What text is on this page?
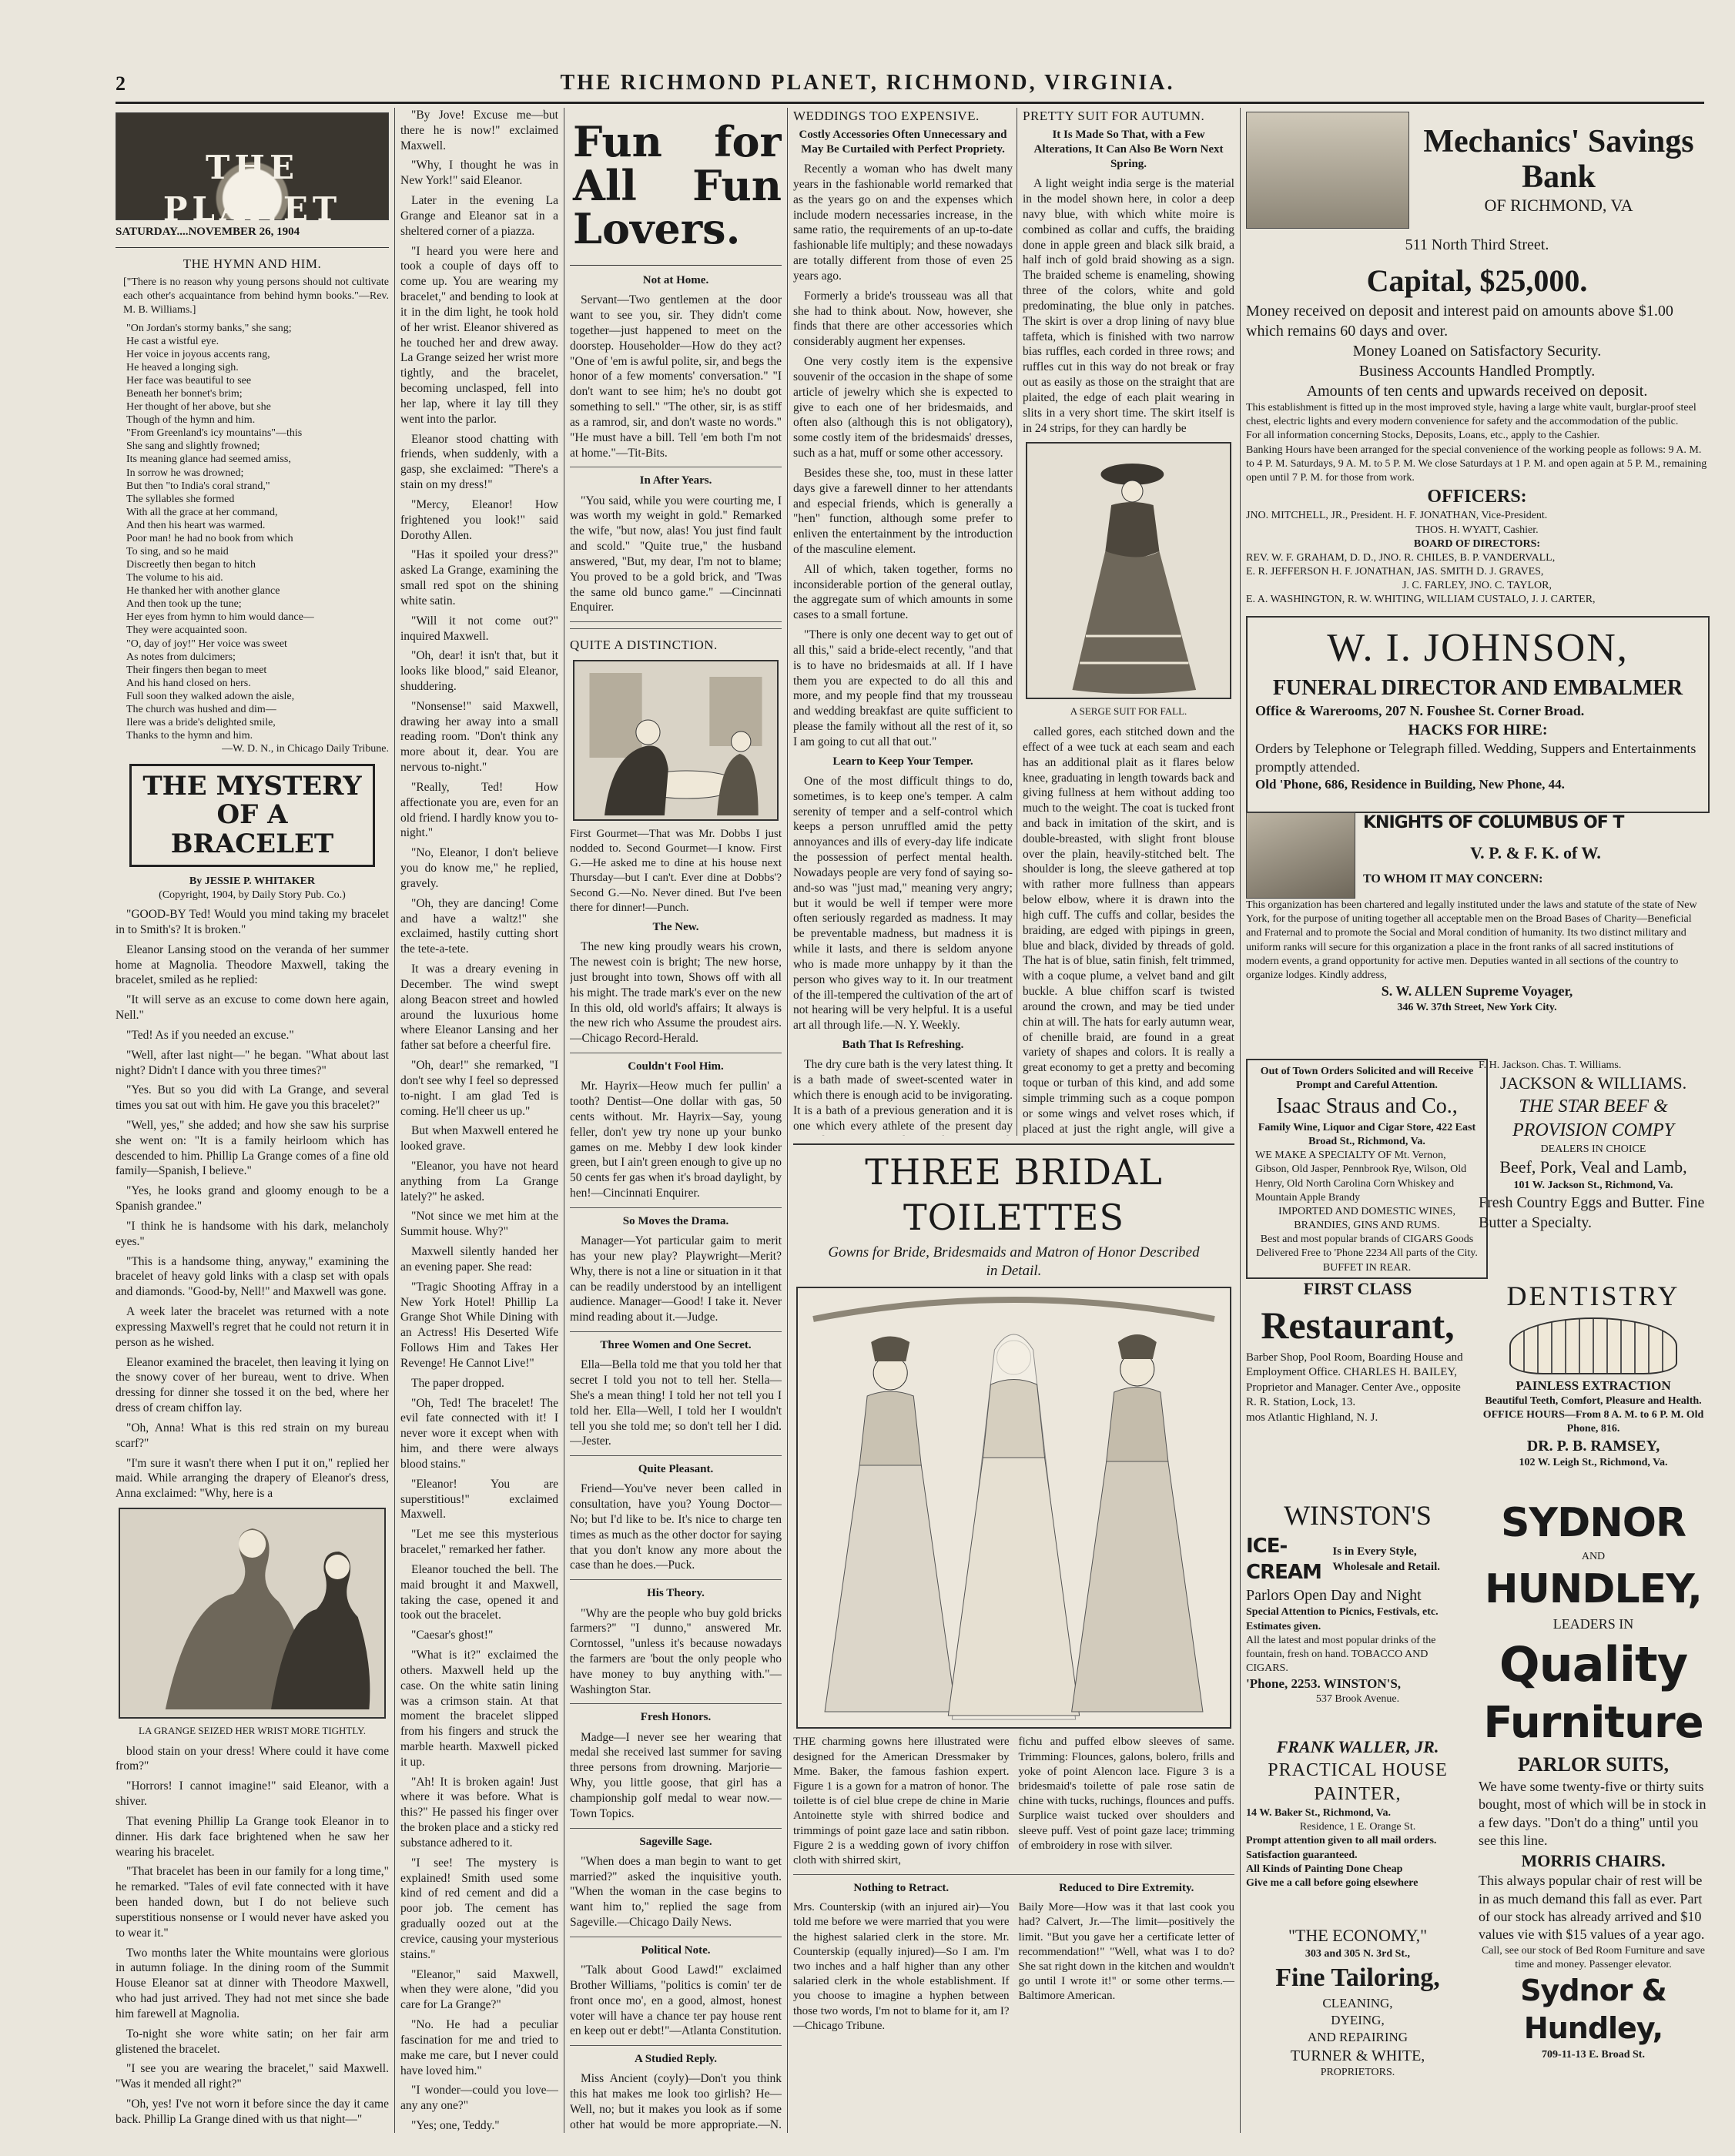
2	THE RICHMOND PLANET, RICHMOND, VIRGINIA.
THE PLANET
SATURDAY....NOVEMBER 26, 1904
THE HYMN AND HIM.
["There is no reason why young persons should not cultivate each other's acquaintance from behind hymn books."—Rev. M. B. Williams.]
"On Jordan's stormy banks," she sang;
He cast a wistful eye.
Her voice in joyous accents rang,
He heaved a longing sigh.
Her face was beautiful to see
Beneath her bonnet's brim;
Her thought of her above, but she
Though of the hymn and him.
"From Greenland's icy mountains"—this
She sang and slightly frowned;
Its meaning glance had seemed amiss,
In sorrow he was drowned;
But then "to India's coral strand,"
The syllables she formed
With all the grace at her command,
And then his heart was warmed.
Poor man! he had no book from which
To sing, and so he maid
Discreetly then began to hitch
The volume to his aid.
He thanked her with another glance
And then took up the tune;
Her eyes from hymn to him would dance—
They were acquainted soon.
"O, day of joy!" Her voice was sweet
As notes from dulcimers;
Their fingers then began to meet
And his hand closed on hers.
Full soon they walked adown the aisle,
The church was hushed and dim—
Ilere was a bride's delighted smile,
Thanks to the hymn and him.
—W. D. N., in Chicago Daily Tribune.
THE MYSTERY OF A BRACELET
By JESSIE P. WHITAKER
(Copyright, 1904, by Daily Story Pub. Co.)

"GOOD-BY Ted! Would you mind taking my bracelet in to Smith's? It is broken."

Eleanor Lansing stood on the veranda of her summer home at Magnolia. Theodore Maxwell, taking the bracelet, smiled as he replied:

"It will serve as an excuse to come down here again, Nell."

"Ted! As if you needed an excuse."

"Well, after last night—" he began. "What about last night? Didn't I dance with you three times?"

"Yes. But so you did with La Grange, and several times you sat out with him. He gave you this bracelet?"

"Well, yes," she added; and how she saw his surprise she went on: "It is a family heirloom which has descended to him. Phillip La Grange comes of a fine old family—Spanish, I believe."

"Yes, he looks grand and gloomy enough to be a Spanish grandee."

"I think he is handsome with his dark, melancholy eyes."

"This is a handsome thing, anyway," examining the bracelet of heavy gold links with a clasp set with opals and diamonds. "Good-by, Nell!" and Maxwell was gone.

A week later the bracelet was returned with a note expressing Maxwell's regret that he could not return it in person as he wished.

Eleanor examined the bracelet, then leaving it lying on the snowy cover of her bureau, went to drive. When dressing for dinner she tossed it on the bed, where her dress of cream chiffon lay.

"Oh, Anna! What is this red strain on my bureau scarf?"

"I'm sure it wasn't there when I put it on," replied her maid. While arranging the drapery of Eleanor's dress, Anna exclaimed: "Why, here is a

LA GRANGE SEIZED HER WRIST MORE TIGHTLY.

blood stain on your dress! Where could it have come from?"

"Horrors! I cannot imagine!" said Eleanor, with a shiver.

That evening Phillip La Grange took Eleanor in to dinner. His dark face brightened when he saw her wearing his bracelet.

"That bracelet has been in our family for a long time," he remarked. "Tales of evil fate connected with it have been handed down, but I do not believe such superstitious nonsense or I would never have asked you to wear it."

Two months later the White mountains were glorious in autumn foliage. In the dining room of the Summit House Eleanor sat at dinner with Theodore Maxwell, who had just arrived. They had not met since she bade him farewell at Magnolia.

To-night she wore white satin; on her fair arm glistened the bracelet.

"I see you are wearing the bracelet," said Maxwell. "Was it mended all right?"

"Oh, yes! I've not worn it before since the day it came back. Phillip La Grange dined with us that night—"

"By Jove! Excuse me—but there he is now!" exclaimed Maxwell.

"Why, I thought he was in New York!" said Eleanor.

Later in the evening La Grange and Eleanor sat in a sheltered corner of a piazza.

"I heard you were here and took a couple of days off to come up. You are wearing my bracelet," and bending to look at it in the dim light, he took hold of her wrist. Eleanor shivered as he touched her and drew away. La Grange seized her wrist more tightly, and the bracelet, becoming unclasped, fell into her lap, where it lay till they went into the parlor.

Eleanor stood chatting with friends, when suddenly, with a gasp, she exclaimed: "There's a stain on my dress!"

"Mercy, Eleanor! How frightened you look!" said Dorothy Allen.

"Has it spoiled your dress?" asked La Grange, examining the small red spot on the shining white satin.

"Will it not come out?" inquired Maxwell.

"Oh, dear! it isn't that, but it looks like blood," said Eleanor, shuddering.

"Nonsense!" said Maxwell, drawing her away into a small reading room. "Don't think any more about it, dear. You are nervous to-night."

"Really, Ted! How affectionate you are, even for an old friend. I hardly know you to-night."

"No, Eleanor, I don't believe you do know me," he replied, gravely.

"Oh, they are dancing! Come and have a waltz!" she exclaimed, hastily cutting short the tete-a-tete.

It was a dreary evening in December. The wind swept along Beacon street and howled around the luxurious home where Eleanor Lansing and her father sat before a cheerful fire.

"Oh, dear!" she remarked, "I don't see why I feel so depressed to-night. I am glad Ted is coming. He'll cheer us up."

But when Maxwell entered he looked grave.

"Eleanor, you have not heard anything from La Grange lately?" he asked.

"Not since we met him at the Summit house. Why?"

Maxwell silently handed her an evening paper. She read:

"Tragic Shooting Affray in a New York Hotel! Phillip La Grange Shot While Dining with an Actress! His Deserted Wife Follows Him and Takes Her Revenge! He Cannot Live!"

The paper dropped.

"Oh, Ted! The bracelet! The evil fate connected with it! I never wore it except when with him, and there were always blood stains."

"Eleanor! You are superstitious!" exclaimed Maxwell.

"Let me see this mysterious bracelet," remarked her father.

Eleanor touched the bell. The maid brought it and Maxwell, taking the case, opened it and took out the bracelet.

"Caesar's ghost!"

"What is it?" exclaimed the others. Maxwell held up the case. On the white satin lining was a crimson stain. At that moment the bracelet slipped from his fingers and struck the marble hearth. Maxwell picked it up.

"Ah! It is broken again! Just where it was before. What is this?" He passed his finger over the broken place and a sticky red substance adhered to it.

"I see! The mystery is explained! Smith used some kind of red cement and did a poor job. The cement has gradually oozed out at the crevice, causing your mysterious stains."

"Eleanor," said Maxwell, when they were alone, "did you care for La Grange?"

"No. He had a peculiar fascination for me and tried to make me care, but I never could have loved him."

"I wonder—could you love—any any one?"

"Yes; one, Teddy."

Fun for All Fun Lovers.
Not at Home.

Servant—Two gentlemen at the door want to see you, sir. They didn't come together—just happened to meet on the doorstep. Householder—How do they act? "One of 'em is awful polite, sir, and begs the honor of a few moments' conversation." "I don't want to see him; he's no doubt got something to sell." "The other, sir, is as stiff as a ramrod, sir, and don't waste no words." "He must have a bill. Tell 'em both I'm not at home."—Tit-Bits.

In After Years.

"You said, while you were courting me, I was worth my weight in gold." Remarked the wife, "but now, alas! You just find fault and scold." "Quite true," the husband answered, "But, my dear, I'm not to blame; You proved to be a gold brick, and 'Twas the same old bunco game." —Cincinnati Enquirer.

QUITE A DISTINCTION.
First Gourmet—That was Mr. Dobbs I just nodded to. Second Gourmet—I know. First G.—He asked me to dine at his house next Thursday—but I can't. Ever dine at Dobbs'? Second G.—No. Never dined. But I've been there for dinner!—Punch.
The New.

The new king proudly wears his crown, The newest coin is bright; The new horse, just brought into town, Shows off with all his might. The trade mark's ever on the new In this old, old world's affairs; It always is the new rich who Assume the proudest airs. —Chicago Record-Herald.

Couldn't Fool Him.

Mr. Hayrix—Heow much fer pullin' a tooth? Dentist—One dollar with gas, 50 cents without. Mr. Hayrix—Say, young feller, don't yew try none up your bunko games on me. Mebby I dew look kinder green, but I ain't green enough to give up no 50 cents fer gas when it's broad daylight, by hen!—Cincinnati Enquirer.

So Moves the Drama.

Manager—Yot particular gaim to merit has your new play? Playwright—Merit? Why, there is not a line or situation in it that can be readily understood by an intelligent audience. Manager—Good! I take it. Never mind reading about it.—Judge.

Three Women and One Secret.

Ella—Bella told me that you told her that secret I told you not to tell her. Stella—She's a mean thing! I told her not tell you I told her. Ella—Well, I told her I wouldn't tell you she told me; so don't tell her I did.—Jester.

Quite Pleasant.

Friend—You've never been called in consultation, have you? Young Doctor—No; but I'd like to be. It's nice to charge ten times as much as the other doctor for saying that you don't know any more about the case than he does.—Puck.

His Theory.

"Why are the people who buy gold bricks farmers?" "I dunno," answered Mr. Corntossel, "unless it's because nowadays the farmers are 'bout the only people who have money to buy anything with."—Washington Star.

Fresh Honors.

Madge—I never see her wearing that medal she received last summer for saving three persons from drowning. Marjorie—Why, you little goose, that girl has a championship golf medal to wear now.—Town Topics.

Sageville Sage.

"When does a man begin to want to get married?" asked the inquisitive youth. "When the woman in the case begins to want him to," replied the sage from Sageville.—Chicago Daily News.

Political Note.

"Talk about Good Lawd!" exclaimed Brother Williams, "politics is comin' ter de front once mo', en a good, almost, honest voter will have a chance ter pay house rent en keep out er debt!"—Atlanta Constitution.

A Studied Reply.

Miss Ancient (coyly)—Don't you think this hat makes me look too girlish? He—Well, no; but it makes you look as if some other hat would be more appropriate.—N.

WEDDINGS TOO EXPENSIVE.
Costly Accessories Often Unnecessary and May Be Curtailed with Perfect Propriety.

Recently a woman who has dwelt many years in the fashionable world remarked that as the years go on and the expenses which include modern necessaries increase, in the same ratio, the requirements of an up-to-date fashionable life multiply; and these nowadays are totally different from those of even 25 years ago.

Formerly a bride's trousseau was all that she had to think about. Now, however, she finds that there are other accessories which considerably augment her expenses.

One very costly item is the expensive souvenir of the occasion in the shape of some article of jewelry which she is expected to give to each one of her bridesmaids, and often also (although this is not obligatory), some costly item of the bridesmaids' dresses, such as a hat, muff or some other accessory.

Besides these she, too, must in these latter days give a farewell dinner to her attendants and especial friends, which is generally a "hen" function, although some prefer to enliven the entertainment by the introduction of the masculine element.

All of which, taken together, forms no inconsiderable portion of the general outlay, the aggregate sum of which amounts in some cases to a small fortune.

"There is only one decent way to get out of all this," said a bride-elect recently, "and that is to have no bridesmaids at all. If I have them you are expected to do all this and more, and my people find that my trousseau and wedding breakfast are quite sufficient to please the family without all the rest of it, so I am going to cut all that out."

Learn to Keep Your Temper.

One of the most difficult things to do, sometimes, is to keep one's temper. A calm serenity of temper and a self-control which keeps a person unruffled amid the petty annoyances and ills of every-day life indicate the possession of perfect mental health. Nowadays people are very fond of saying so-and-so was "just mad," meaning very angry; but it would be well if temper were more often seriously regarded as madness. It may be preventable madness, but madness it is while it lasts, and there is seldom anyone who is made more unhappy by it than the person who gives way to it. In our treatment of the ill-tempered the cultivation of the art of not hearing will be very helpful. It is a useful art all through life.—N. Y. Weekly.

Bath That Is Refreshing.

The dry cure bath is the very latest thing. It is a bath made of sweet-scented water in which there is enough acid to be invigorating. It is a bath of a previous generation and it is one which every athlete of the present day

PRETTY SUIT FOR AUTUMN.
It Is Made So That, with a Few Alterations, It Can Also Be Worn Next Spring.

A light weight india serge is the material in the model shown here, in color a deep navy blue, with which white moire is combined as collar and cuffs, the braiding done in apple green and black silk braid, a half inch of gold braid showing as a sign. The braided scheme is enameling, showing three of the colors, white and gold predominating, the blue only in patches. The skirt is over a drop lining of navy blue taffeta, which is finished with two narrow bias ruffles, each corded in three rows; and ruffles cut in this way do not break or fray out as easily as those on the straight that are plaited, the edge of each plait wearing in slits in a very short time. The skirt itself is in 24 strips, for they can hardly be

A SERGE SUIT FOR FALL.

called gores, each stitched down and the effect of a wee tuck at each seam and each has an additional plait as it flares below knee, graduating in length towards back and giving fullness at hem without adding too much to the weight. The coat is tucked front and back in imitation of the skirt, and is double-breasted, with slight front blouse over the plain, heavily-stitched belt. The shoulder is long, the sleeve gathered at top with rather more fullness than appears below elbow, where it is drawn into the high cuff. The cuffs and collar, besides the braiding, are edged with pipings in green, blue and black, divided by threads of gold. The hat is of blue, satin finish, felt trimmed, with a coque plume, a velvet band and gilt buckle. A blue chiffon scarf is twisted around the crown, and may be tied under chin at will. The hats for early autumn wear, of chenille braid, are found in a great variety of shapes and colors. It is really a great economy to get a pretty and becoming toque or turban of this kind, and add some simple trimming such as a coque pompon or some wings and velvet roses which, if placed at just the right angle, will give a

THREE BRIDAL TOILETTES
Gowns for Bride, Bridesmaids and Matron of Honor Described in Detail.
THE charming gowns here illustrated were designed for the American Dressmaker by Mme. Baker, the famous fashion expert. Figure 1 is a gown for a matron of honor. The toilette is of ciel blue crepe de chine in Marie Antoinette style with shirred bodice and trimmings of point gaze lace and satin ribbon. Figure 2 is a wedding gown of ivory chiffon cloth with shirred skirt,
fichu and puffed elbow sleeves of same. Trimming: Flounces, galons, bolero, frills and yoke of point Alencon lace. Figure 3 is a bridesmaid's toilette of pale rose satin de chine with tucks, ruchings, flounces and puffs. Surplice waist tucked over shoulders and sleeve puff. Vest of point gaze lace; trimming of embroidery in rose with silver.
Nothing to Retract.
Mrs. Counterskip (with an injured air)—You told me before we were married that you were the highest salaried clerk in the store. Mr. Counterskip (equally injured)—So I am. I'm two inches and a half higher than any other salaried clerk in the whole establishment. If you choose to imagine a hyphen between those two words, I'm not to blame for it, am I?—Chicago Tribune.
Reduced to Dire Extremity.
Baily More—How was it that last cook you had? Calvert, Jr.—The limit—positively the limit. "But you gave her a certificate letter of recommendation!" "Well, what was I to do? She sat right down in the kitchen and wouldn't go until I wrote it!" or some other terms.—Baltimore American.
Mechanics' Savings Bank
OF RICHMOND, VA
511 North Third Street.
Capital, $25,000.
Money received on deposit and interest paid on amounts above $1.00 which remains 60 days and over.
Money Loaned on Satisfactory Security.
Business Accounts Handled Promptly.
Amounts of ten cents and upwards received on deposit.
This establishment is fitted up in the most improved style, having a large white vault, burglar-proof steel chest, electric lights and every modern convenience for safety and the accommodation of the public.
For all information concerning Stocks, Deposits, Loans, etc., apply to the Cashier.
Banking Hours have been arranged for the special convenience of the working people as follows: 9 A. M. to 4 P. M. Saturdays, 9 A. M. to 5 P. M. We close Saturdays at 1 P. M. and open again at 5 P. M., remaining open until 7 P. M. for those from work.
OFFICERS:
JNO. MITCHELL, JR., President. H. F. JONATHAN, Vice-President.
THOS. H. WYATT, Cashier.
BOARD OF DIRECTORS:
REV. W. F. GRAHAM, D. D., JNO. R. CHILES, B. P. VANDERVALL,
E. R. JEFFERSON H. F. JONATHAN, JAS. SMITH D. J. GRAVES,
J. C. FARLEY, JNO. C. TAYLOR,
E. A. WASHINGTON, R. W. WHITING, WILLIAM CUSTALO, J. J. CARTER,
W. I. JOHNSON,
FUNERAL DIRECTOR AND EMBALMER
Office & Warerooms, 207 N. Foushee St. Corner Broad.
HACKS FOR HIRE:
Orders by Telephone or Telegraph filled. Wedding, Suppers and Entertainments promptly attended.
Old 'Phone, 686, Residence in Building, New Phone, 44.
KNIGHTS OF COLUMBUS OF T
V. P. & F. K. of W.
TO WHOM IT MAY CONCERN:
This organization has been chartered and legally instituted under the laws and statute of the state of New York, for the purpose of uniting together all acceptable men on the Broad Bases of Charity—Beneficial and Fraternal and to promote the Social and Moral condition of humanity. Its two distinct military and uniform ranks will secure for this organization a place in the front ranks of all sacred institutions of modern events, a grand opportunity for active men. Deputies wanted in all sections of the country to organize lodges. Kindly address,
S. W. ALLEN Supreme Voyager,
346 W. 37th Street, New York City.
Out of Town Orders Solicited and will Receive Prompt and Careful Attention.
Isaac Straus and Co.,
Family Wine, Liquor and Cigar Store, 422 East Broad St., Richmond, Va.
WE MAKE A SPECIALTY OF Mt. Vernon, Gibson, Old Jasper, Pennbrook Rye, Wilson, Old Henry, Old North Carolina Corn Whiskey and Mountain Apple Brandy
IMPORTED AND DOMESTIC WINES, BRANDIES, GINS AND RUMS.
Best and most popular brands of CIGARS Goods Delivered Free to 'Phone 2234 All parts of the City. BUFFET IN REAR.
F. H. Jackson. Chas. T. Williams.
JACKSON & WILLIAMS.
THE STAR BEEF & PROVISION COMPY
DEALERS IN CHOICE
Beef, Pork, Veal and Lamb,
101 W. Jackson St., Richmond, Va.
Fresh Country Eggs and Butter. Fine Butter a Specialty.
FIRST CLASS
Restaurant,
Barber Shop, Pool Room, Boarding House and Employment Office. CHARLES H. BAILEY, Proprietor and Manager. Center Ave., opposite R. R. Station, Lock, 13.
mos Atlantic Highland, N. J.
DENTISTRY
PAINLESS EXTRACTION
Beautiful Teeth, Comfort, Pleasure and Health.
OFFICE HOURS—From 8 A. M. to 6 P. M. Old Phone, 816.
DR. P. B. RAMSEY,
102 W. Leigh St., Richmond, Va.
WINSTON'S
ICE-CREAM
Is in Every Style, Wholesale and Retail.
Parlors Open Day and Night
Special Attention to Picnics, Festivals, etc. Estimates given.
All the latest and most popular drinks of the fountain, fresh on hand. TOBACCO AND CIGARS.
'Phone, 2253. WINSTON'S,
537 Brook Avenue.
FRANK WALLER, JR.
PRACTICAL HOUSE PAINTER,
14 W. Baker St., Richmond, Va.
Residence, 1 E. Orange St.
Prompt attention given to all mail orders. Satisfaction guaranteed.
All Kinds of Painting Done Cheap
Give me a call before going elsewhere
"THE ECONOMY,"
303 and 305 N. 3rd St.,
Fine Tailoring,
CLEANING,
DYEING,
AND REPAIRING
TURNER & WHITE,
PROPRIETORS.
SYDNOR
AND
HUNDLEY,
LEADERS IN
Quality
Furniture
PARLOR SUITS,
We have some twenty-five or thirty suits bought, most of which will be in stock in a few days. "Don't do a thing" until you see this line.
MORRIS CHAIRS.
This always popular chair of rest will be in as much demand this fall as ever. Part of our stock has already arrived and $10 values vie with $15 values of a year ago.
Call, see our stock of Bed Room Furniture and save time and money. Passenger elevator.
Sydnor & Hundley,
709-11-13 E. Broad St.
